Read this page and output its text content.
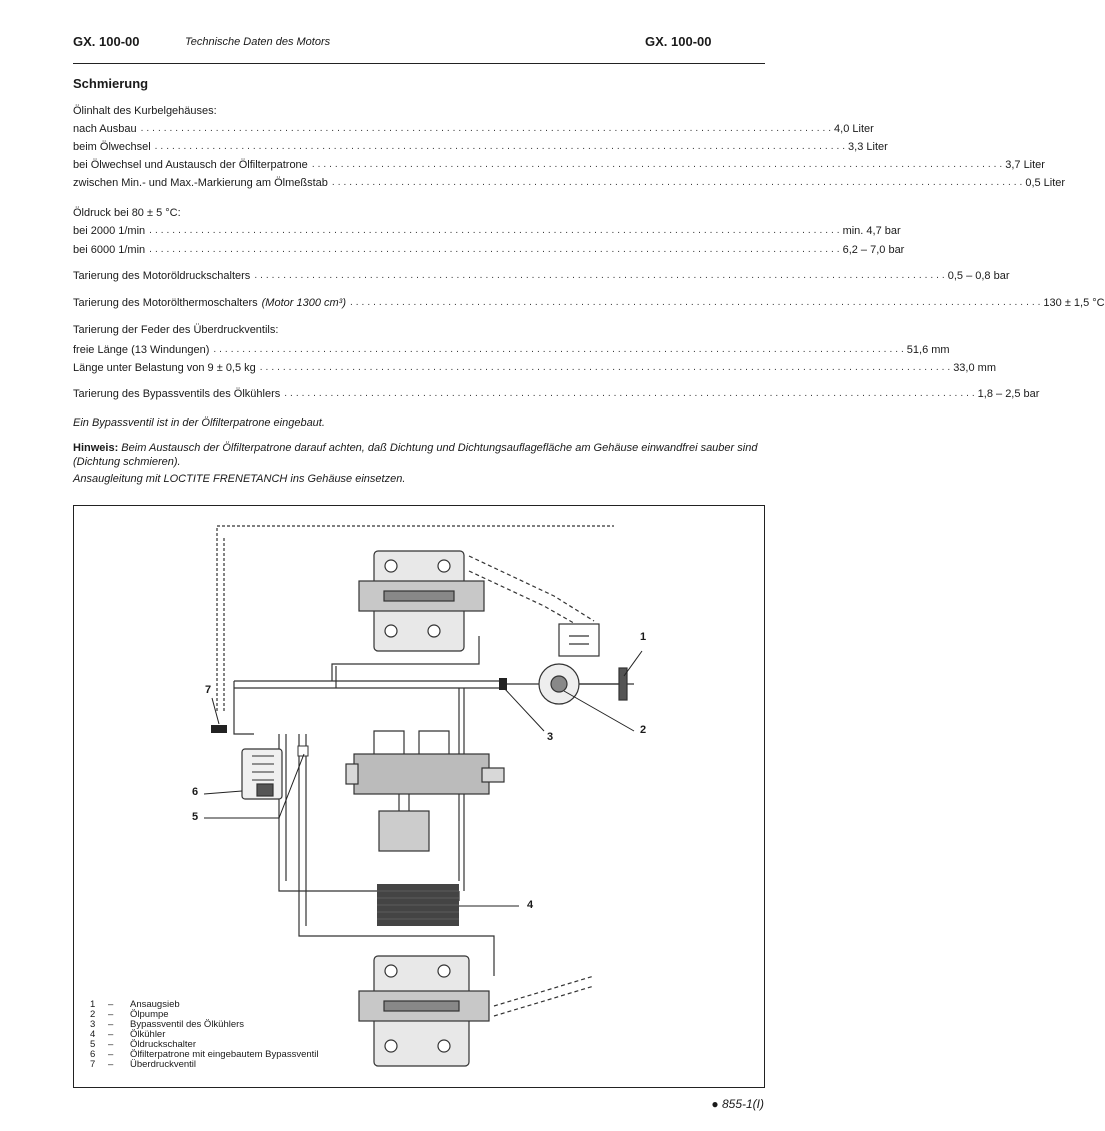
GX. 100-00	Technische Daten des Motors	GX. 100-00
Schmierung
Ölinhalt des Kurbelgehäuses:
nach Ausbau ........................................................................................................................ 4,0 Liter
beim Ölwechsel ........................................................................................................................ 3,3 Liter
bei Ölwechsel und Austausch der Ölfilterpatrone ........................................................................................................................ 3,7 Liter
zwischen Min.- und Max.-Markierung am Ölmeßstab ........................................................................................................................ 0,5 Liter
Öldruck bei 80 ± 5 °C:
bei 2000 1/min ........................................................................................................................ min. 4,7 bar
bei 6000 1/min ........................................................................................................................ 6,2 – 7,0 bar
Tarierung des Motoröldruckschalters ........................................................................................................................ 0,5 – 0,8 bar
Tarierung des Motorölthermoschalters (Motor 1300 cm³) ........................................................................................................................ 130 ± 1,5 °C
Tarierung der Feder des Überdruckventils:
freie Länge (13 Windungen) ........................................................................................................................ 51,6 mm
Länge unter Belastung von 9 ± 0,5 kg ........................................................................................................................ 33,0 mm
Tarierung des Bypassventils des Ölkühlers ........................................................................................................................ 1,8 – 2,5 bar
Ein Bypassventil ist in der Ölfilterpatrone eingebaut.
Hinweis: Beim Austausch der Ölfilterpatrone darauf achten, daß Dichtung und Dichtungsauflagefläche am Gehäuse einwandfrei sauber sind (Dichtung schmieren).
Ansaugleitung mit LOCTITE FRENETANCH ins Gehäuse einsetzen.
7
6
5
3
1
2
4
1	–	Ansaugsieb
2	–	Ölpumpe
3	–	Bypassventil des Ölkühlers
4	–	Ölkühler
5	–	Öldruckschalter
6	–	Ölfilterpatrone mit eingebautem Bypassventil
7	–	Überdruckventil
● 855-1(I)
